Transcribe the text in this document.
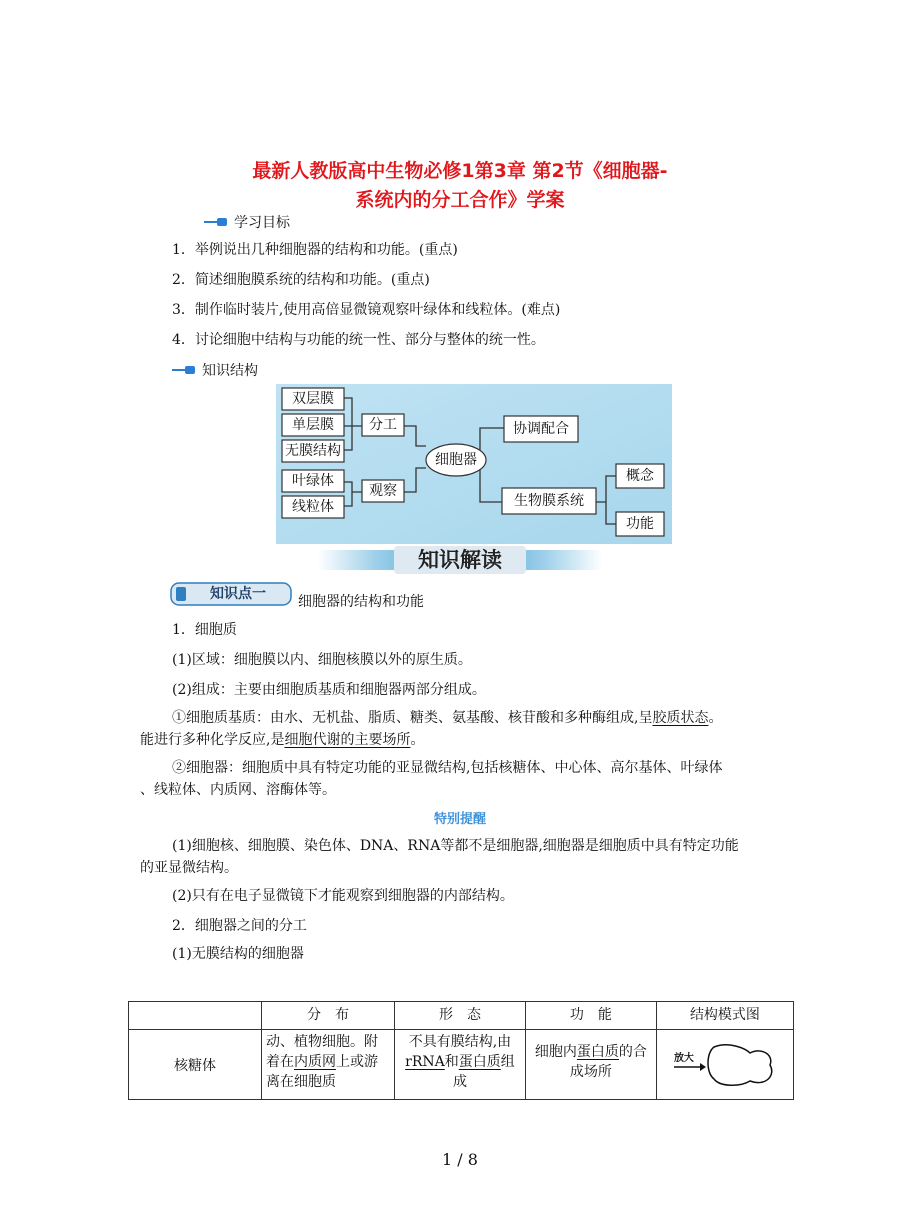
最新人教版高中生物必修1第3章 第2节《细胞器-
系统内的分工合作》学案
学习目标
1．举例说出几种细胞器的结构和功能。(重点)
2．简述细胞膜系统的结构和功能。(重点)
3．制作临时装片,使用高倍显微镜观察叶绿体和线粒体。(难点)
4．讨论细胞中结构与功能的统一性、部分与整体的统一性。
知识结构
双层膜
单层膜
无膜结构
叶绿体
线粒体
分工
观察
细胞器
协调配合
生物膜系统
概念
功能
知识解读
知识点一	细胞器的结构和功能
1．细胞质
(1)区域：细胞膜以内、细胞核膜以外的原生质。
(2)组成：主要由细胞质基质和细胞器两部分组成。
①细胞质基质：由水、无机盐、脂质、糖类、氨基酸、核苷酸和多种酶组成,呈胶质状态。
能进行多种化学反应,是细胞代谢的主要场所。
②细胞器：细胞质中具有特定功能的亚显微结构,包括核糖体、中心体、高尔基体、叶绿体
、线粒体、内质网、溶酶体等。
特别提醒
(1)细胞核、细胞膜、染色体、DNA、RNA等都不是细胞器,细胞器是细胞质中具有特定功能
的亚显微结构。
(2)只有在电子显微镜下才能观察到细胞器的内部结构。
2．细胞器之间的分工
(1)无膜结构的细胞器
	分　布	形　态	功　能	结构模式图
核糖体	动、植物细胞。附着在内质网上或游离在细胞质	不具有膜结构,由rRNA和蛋白质组成	细胞内蛋白质的合成场所	放大
1 / 8
